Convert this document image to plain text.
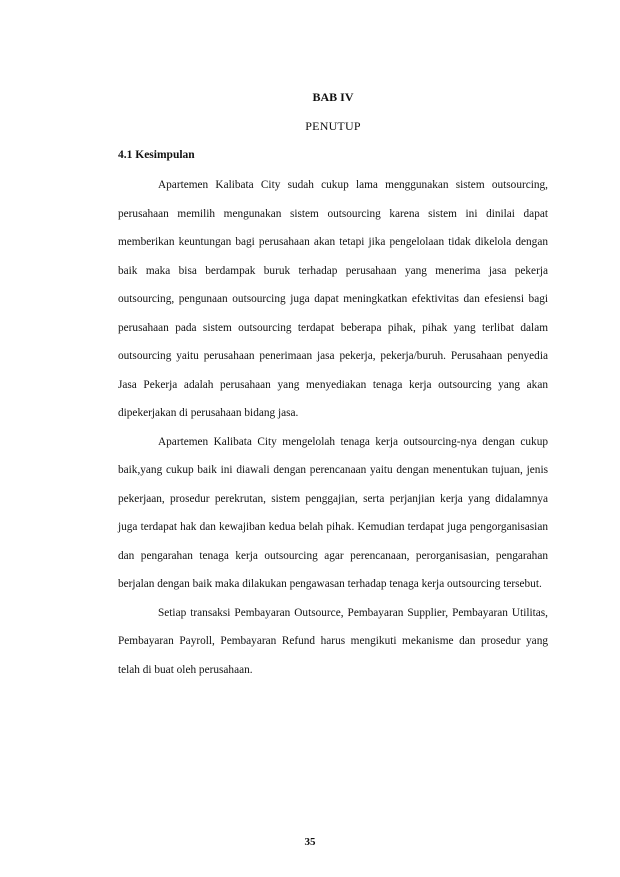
BAB IV
PENUTUP
4.1 Kesimpulan

Apartemen Kalibata City sudah cukup lama menggunakan sistem outsourcing, perusahaan memilih mengunakan sistem outsourcing karena sistem ini dinilai dapat memberikan keuntungan bagi perusahaan akan tetapi jika pengelolaan tidak dikelola dengan baik maka bisa berdampak buruk terhadap perusahaan yang menerima jasa pekerja outsourcing, pengunaan outsourcing juga dapat meningkatkan efektivitas dan efesiensi bagi perusahaan pada sistem outsourcing terdapat beberapa pihak, pihak yang terlibat dalam outsourcing yaitu perusahaan penerimaan jasa pekerja, pekerja/buruh. Perusahaan penyedia Jasa Pekerja adalah perusahaan yang menyediakan tenaga kerja outsourcing yang akan dipekerjakan di perusahaan bidang jasa.

Apartemen Kalibata City mengelolah tenaga kerja outsourcing-nya dengan cukup baik,yang cukup baik ini diawali dengan perencanaan yaitu dengan menentukan tujuan, jenis pekerjaan, prosedur perekrutan, sistem penggajian, serta perjanjian kerja yang didalamnya juga terdapat hak dan kewajiban kedua belah pihak. Kemudian terdapat juga pengorganisasian dan pengarahan tenaga kerja outsourcing agar perencanaan, perorganisasian, pengarahan berjalan dengan baik maka dilakukan pengawasan terhadap tenaga kerja outsourcing tersebut.

Setiap transaksi Pembayaran Outsource, Pembayaran Supplier, Pembayaran Utilitas, Pembayaran Payroll, Pembayaran Refund harus mengikuti mekanisme dan prosedur yang telah di buat oleh perusahaan.

35
